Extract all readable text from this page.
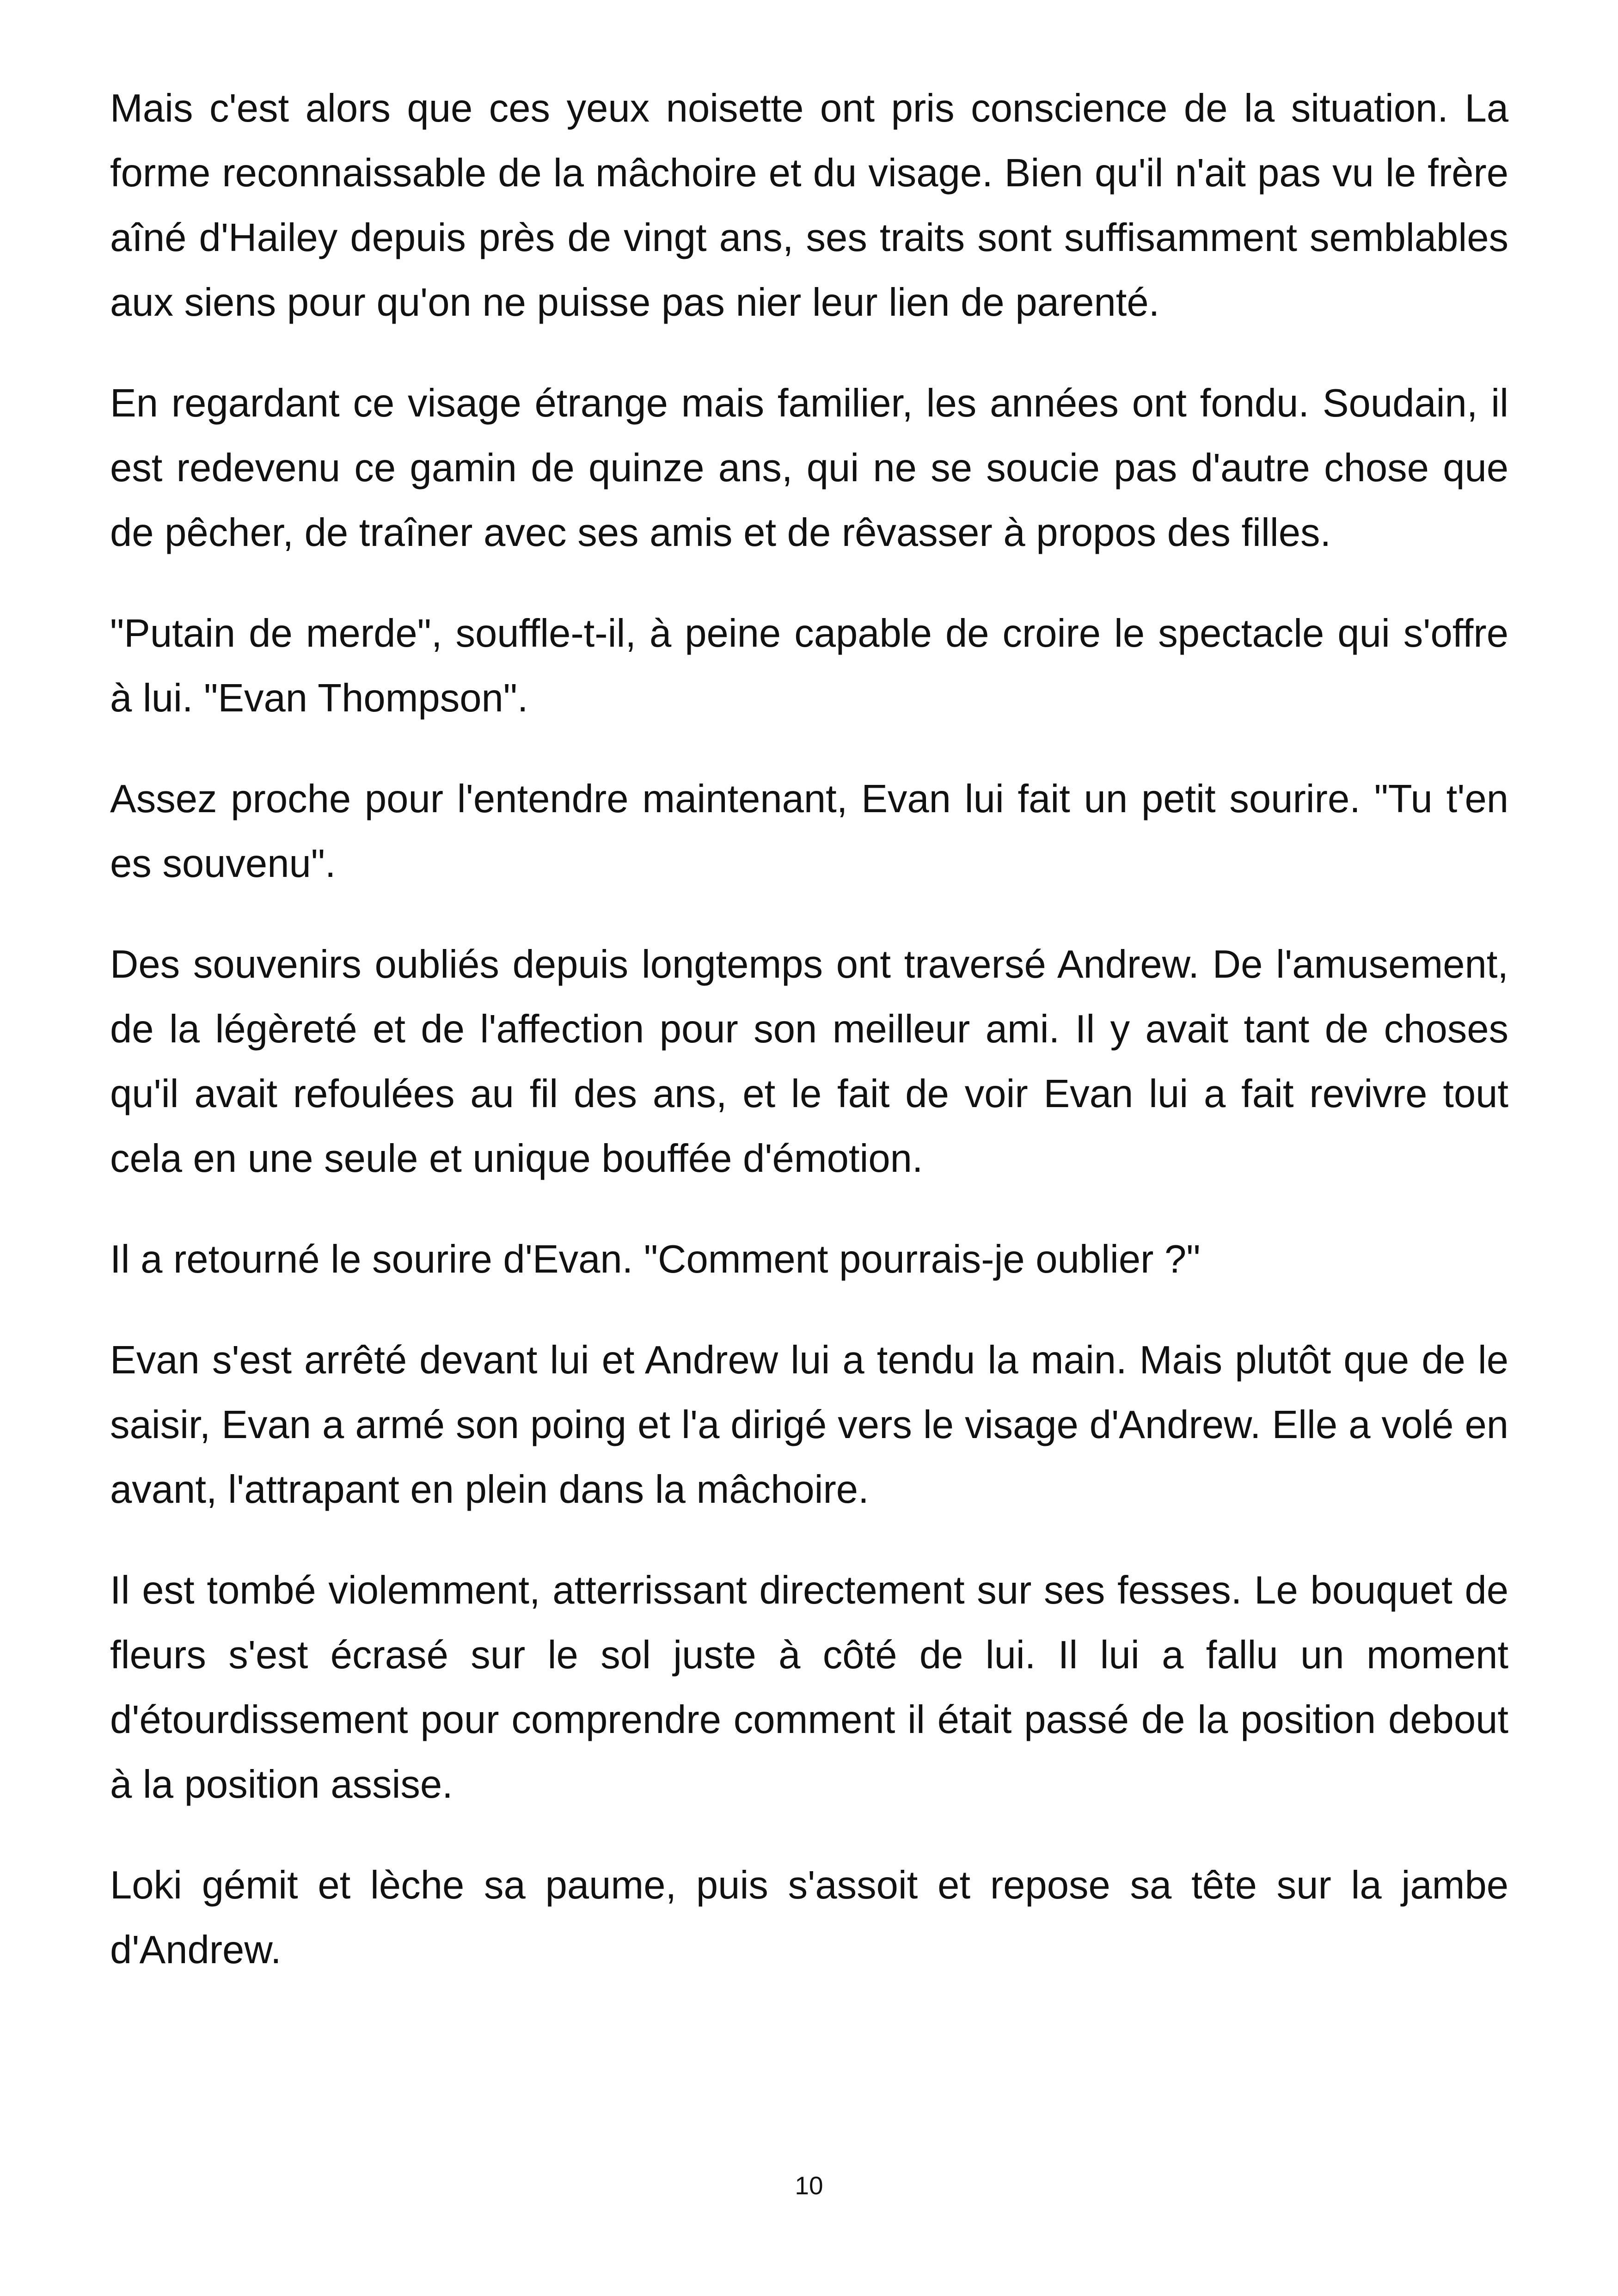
Mais c'est alors que ces yeux noisette ont pris conscience de la situation. La forme reconnaissable de la mâchoire et du visage. Bien qu'il n'ait pas vu le frère aîné d'Hailey depuis près de vingt ans, ses traits sont suffisamment semblables aux siens pour qu'on ne puisse pas nier leur lien de parenté.

En regardant ce visage étrange mais familier, les années ont fondu. Soudain, il est redevenu ce gamin de quinze ans, qui ne se soucie pas d'autre chose que de pêcher, de traîner avec ses amis et de rêvasser à propos des filles.

"Putain de merde", souffle-t-il, à peine capable de croire le spectacle qui s'offre à lui. "Evan Thompson".

Assez proche pour l'entendre maintenant, Evan lui fait un petit sourire. "Tu t'en es souvenu".

Des souvenirs oubliés depuis longtemps ont traversé Andrew. De l'amusement, de la légèreté et de l'affection pour son meilleur ami. Il y avait tant de choses qu'il avait refoulées au fil des ans, et le fait de voir Evan lui a fait revivre tout cela en une seule et unique bouffée d'émotion.

Il a retourné le sourire d'Evan. "Comment pourrais-je oublier ?"

Evan s'est arrêté devant lui et Andrew lui a tendu la main. Mais plutôt que de le saisir, Evan a armé son poing et l'a dirigé vers le visage d'Andrew. Elle a volé en avant, l'attrapant en plein dans la mâchoire.

Il est tombé violemment, atterrissant directement sur ses fesses. Le bouquet de fleurs s'est écrasé sur le sol juste à côté de lui. Il lui a fallu un moment d'étourdissement pour comprendre comment il était passé de la position debout à la position assise.

Loki gémit et lèche sa paume, puis s'assoit et repose sa tête sur la jambe d'Andrew.

10
